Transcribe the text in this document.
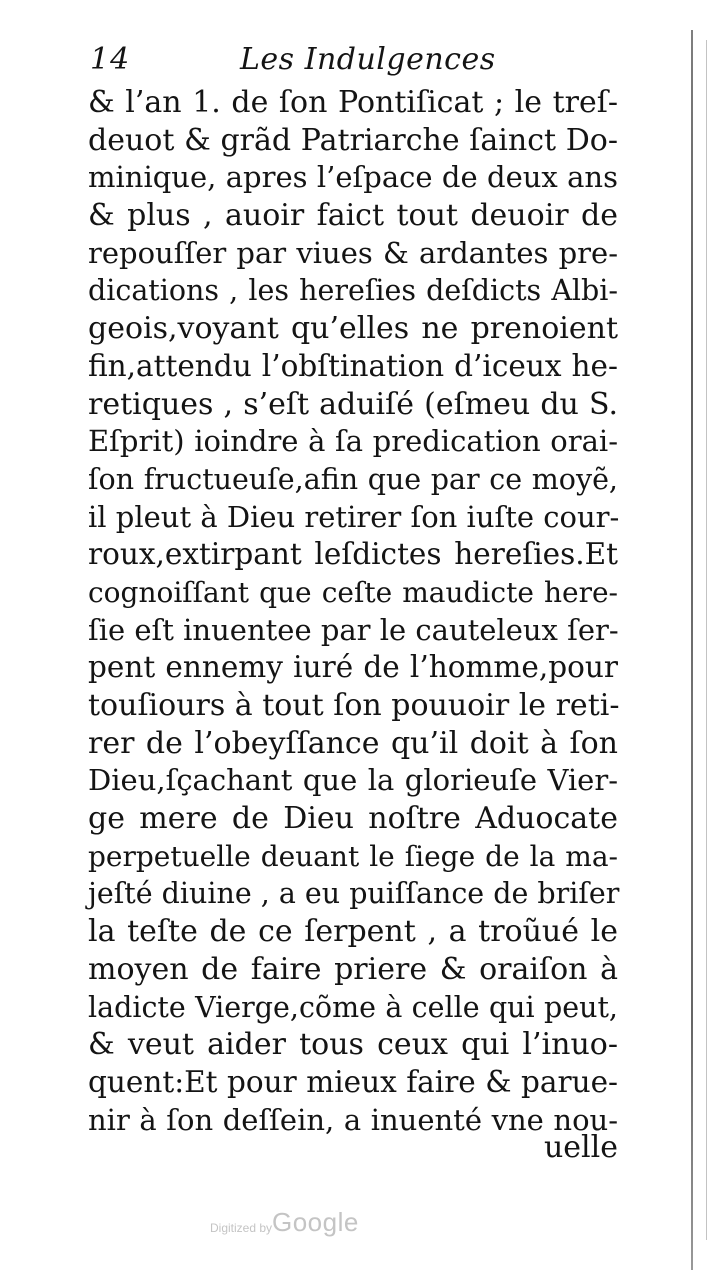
14	Les Indulgences
& l’an 1. de ſon Pontiſicat ; le treſ-
deuot & grãd Patriarche ſainct Do-
minique, apres l’eſpace de deux ans
& plus , auoir faict tout deuoir de
repouſſer par viues & ardantes pre-
dications , les hereſies deſdicts Albi-
geois,voyant qu’elles ne prenoient
fin,attendu l’obſtination d’iceux he-
retiques , s’eſt aduiſé (eſmeu du S.
Eſprit) ioindre à ſa predication orai-
ſon fructueuſe,afin que par ce moyẽ,
il pleut à Dieu retirer ſon iuſte cour-
roux,extirpant leſdictes hereſies.Et
cognoiſſant que ceſte maudicte here-
ſie eſt inuentee par le cauteleux ſer-
pent ennemy iuré de l’homme,pour
touſiours à tout ſon pouuoir le reti-
rer de l’obeyſſance qu’il doit à ſon
Dieu,ſçachant que la glorieuſe Vier-
ge mere de Dieu noſtre Aduocate
perpetuelle deuant le ſiege de la ma-
jeſté diuine , a eu puiſſance de briſer
la teſte de ce ſerpent , a troũué le
moyen de faire priere & oraiſon à
ladicte Vierge,cõme à celle qui peut,
& veut aider tous ceux qui l’inuo-
quent:Et pour mieux faire & parue-
nir à ſon deſſein, a inuenté vne nou-
uelle
Digitized by Google
